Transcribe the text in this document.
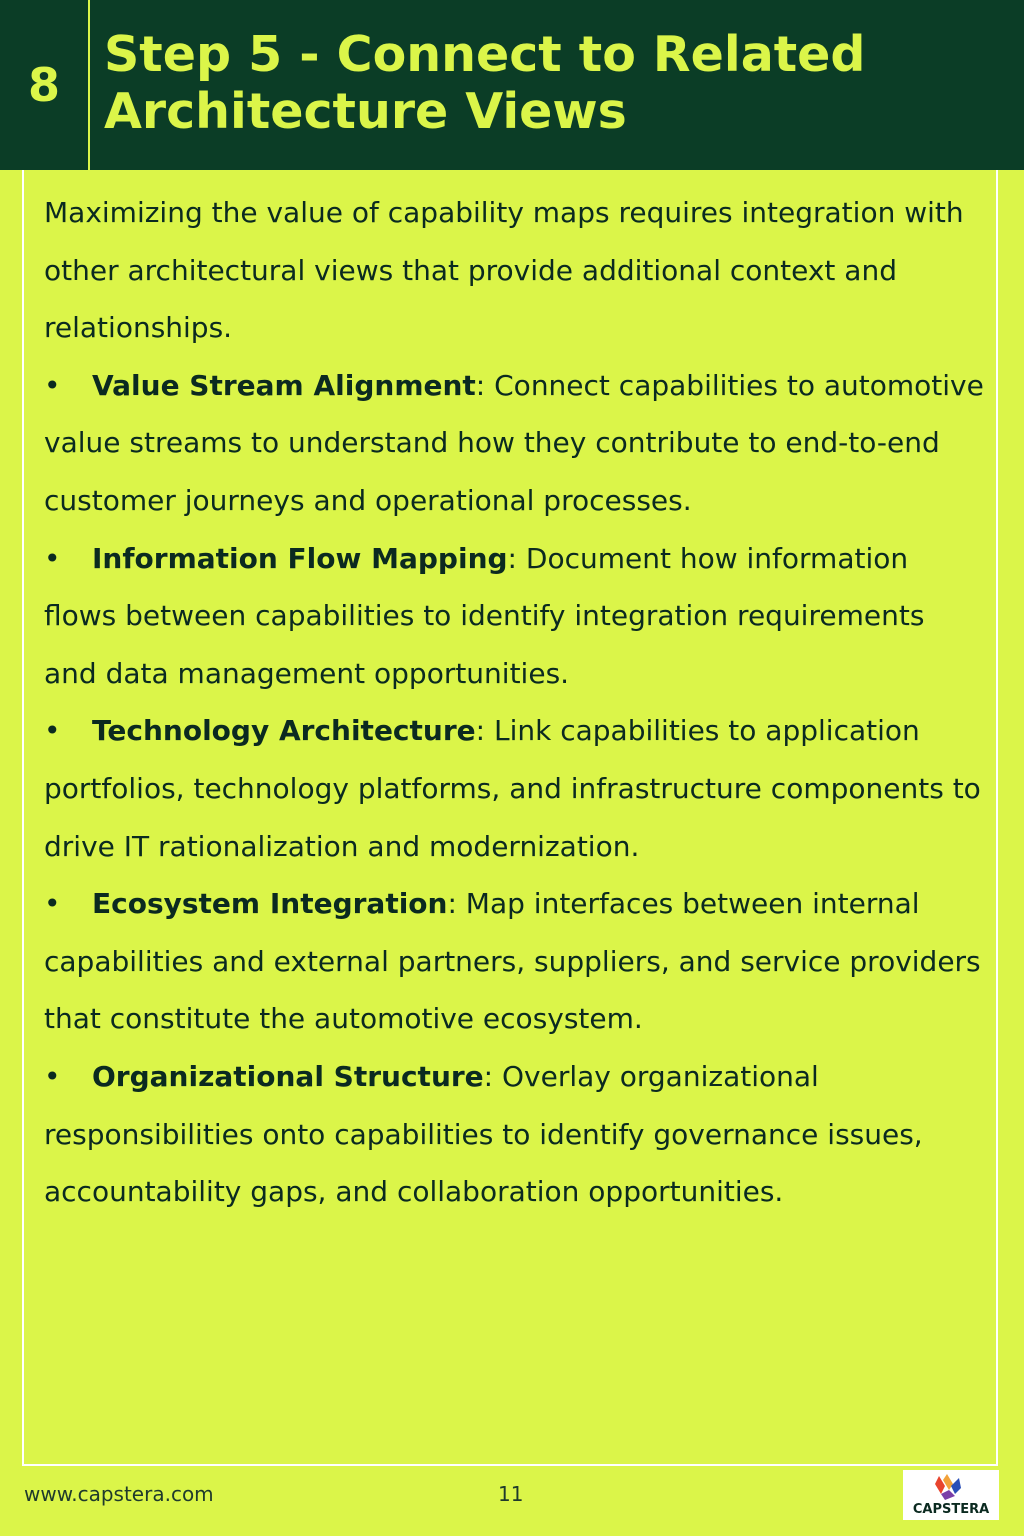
8
Step 5 - Connect to Related Architecture Views

Maximizing the value of capability maps requires integration with other architectural views that provide additional context and relationships.

• Value Stream Alignment: Connect capabilities to automotive value streams to understand how they contribute to end-to-end customer journeys and operational processes.

• Information Flow Mapping: Document how information flows between capabilities to identify integration requirements and data management opportunities.

• Technology Architecture: Link capabilities to application portfolios, technology platforms, and infrastructure components to drive IT rationalization and modernization.

• Ecosystem Integration: Map interfaces between internal capabilities and external partners, suppliers, and service providers that constitute the automotive ecosystem.

• Organizational Structure: Overlay organizational responsibilities onto capabilities to identify governance issues, accountability gaps, and collaboration opportunities.

www.capstera.com	11
CAPSTERA
